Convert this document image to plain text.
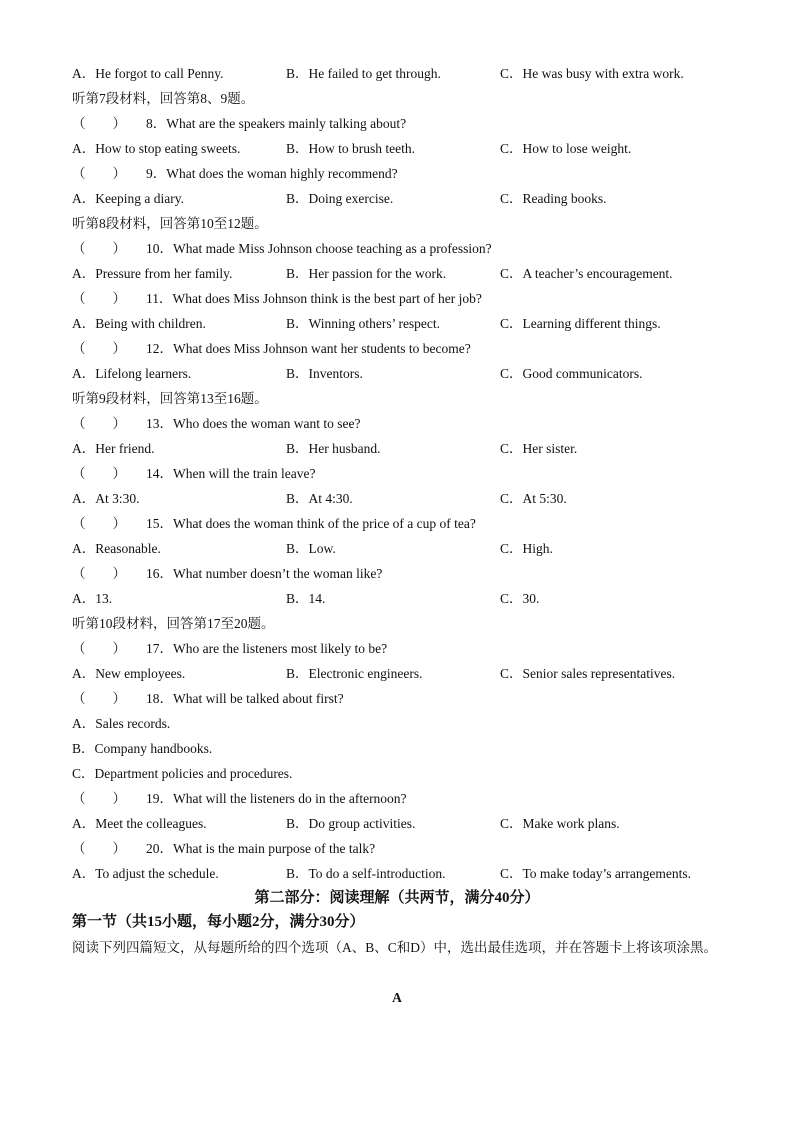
A．He forgot to call Penny.	B．He failed to get through.	C．He was busy with extra work.
听第7段材料，回答第8、9题。
（　　） 8．What are the speakers mainly talking about?
A．How to stop eating sweets.	B．How to brush teeth.	C．How to lose weight.
（　　） 9．What does the woman highly recommend?
A．Keeping a diary.	B．Doing exercise.	C．Reading books.
听第8段材料，回答第10至12题。
（　　） 10．What made Miss Johnson choose teaching as a profession?
A．Pressure from her family.	B．Her passion for the work.	C．A teacher’s encouragement.
（　　） 11．What does Miss Johnson think is the best part of her job?
A．Being with children.	B．Winning others’ respect.	C．Learning different things.
（　　） 12．What does Miss Johnson want her students to become?
A．Lifelong learners.	B．Inventors.	C．Good communicators.
听第9段材料，回答第13至16题。
（　　） 13．Who does the woman want to see?
A．Her friend.	B．Her husband.	C．Her sister.
（　　） 14．When will the train leave?
A．At 3:30.	B．At 4:30.	C．At 5:30.
（　　） 15．What does the woman think of the price of a cup of tea?
A．Reasonable.	B．Low.	C．High.
（　　） 16．What number doesn’t the woman like?
A．13.	B．14.	C．30.
听第10段材料，回答第17至20题。
（　　） 17．Who are the listeners most likely to be?
A．New employees.	B．Electronic engineers.	C．Senior sales representatives.
（　　） 18．What will be talked about first?
A．Sales records.
B．Company handbooks.
C．Department policies and procedures.
（　　） 19．What will the listeners do in the afternoon?
A．Meet the colleagues.	B．Do group activities.	C．Make work plans.
（　　） 20．What is the main purpose of the talk?
A．To adjust the schedule.	B．To do a self-introduction.	C．To make today’s arrangements.
第二部分：阅读理解（共两节，满分40分）
第一节（共15小题，每小题2分，满分30分）
阅读下列四篇短文，从每题所给的四个选项（A、B、C和D）中，选出最佳选项，并在答题卡上将该项涂黑。
A
